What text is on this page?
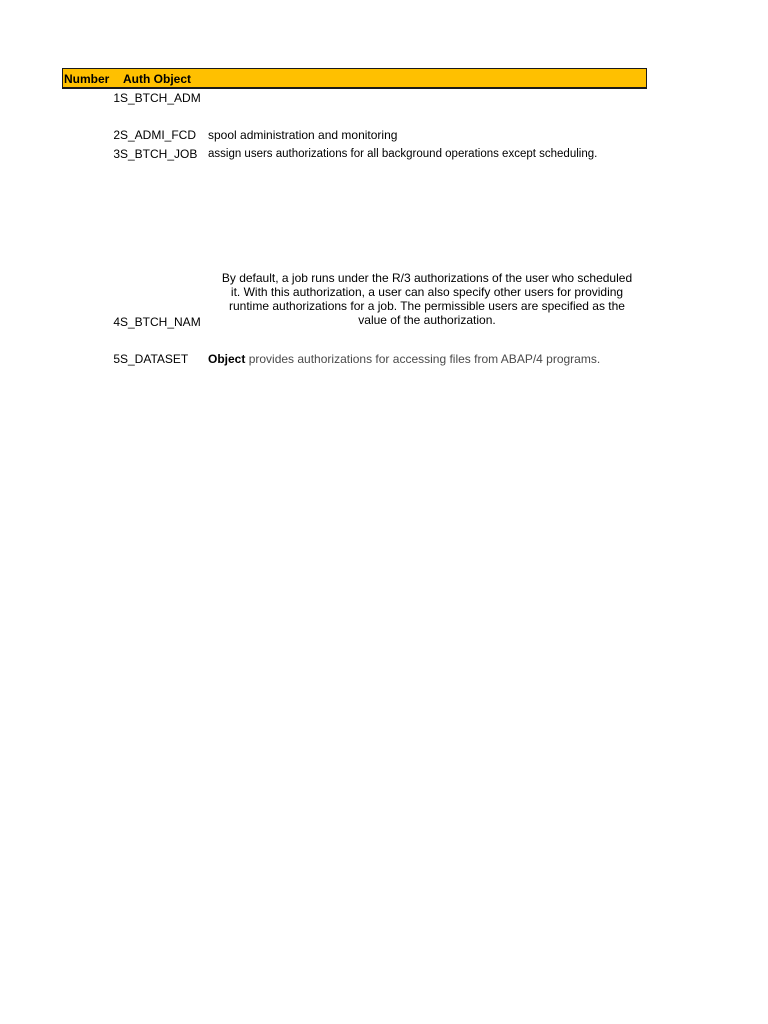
Number Auth Object
1 S_BTCH_ADM
2 S_ADMI_FCD spool administration and monitoring
3 S_BTCH_JOB assign users authorizations for all background operations except scheduling.
By default, a job runs under the R/3 authorizations of the user who scheduled
it. With this authorization, a user can also specify other users for providing
runtime authorizations for a job. The permissible users are specified as the
value of the authorization.
4 S_BTCH_NAM
5 S_DATASET	Object provides authorizations for accessing files from ABAP/4 programs.
